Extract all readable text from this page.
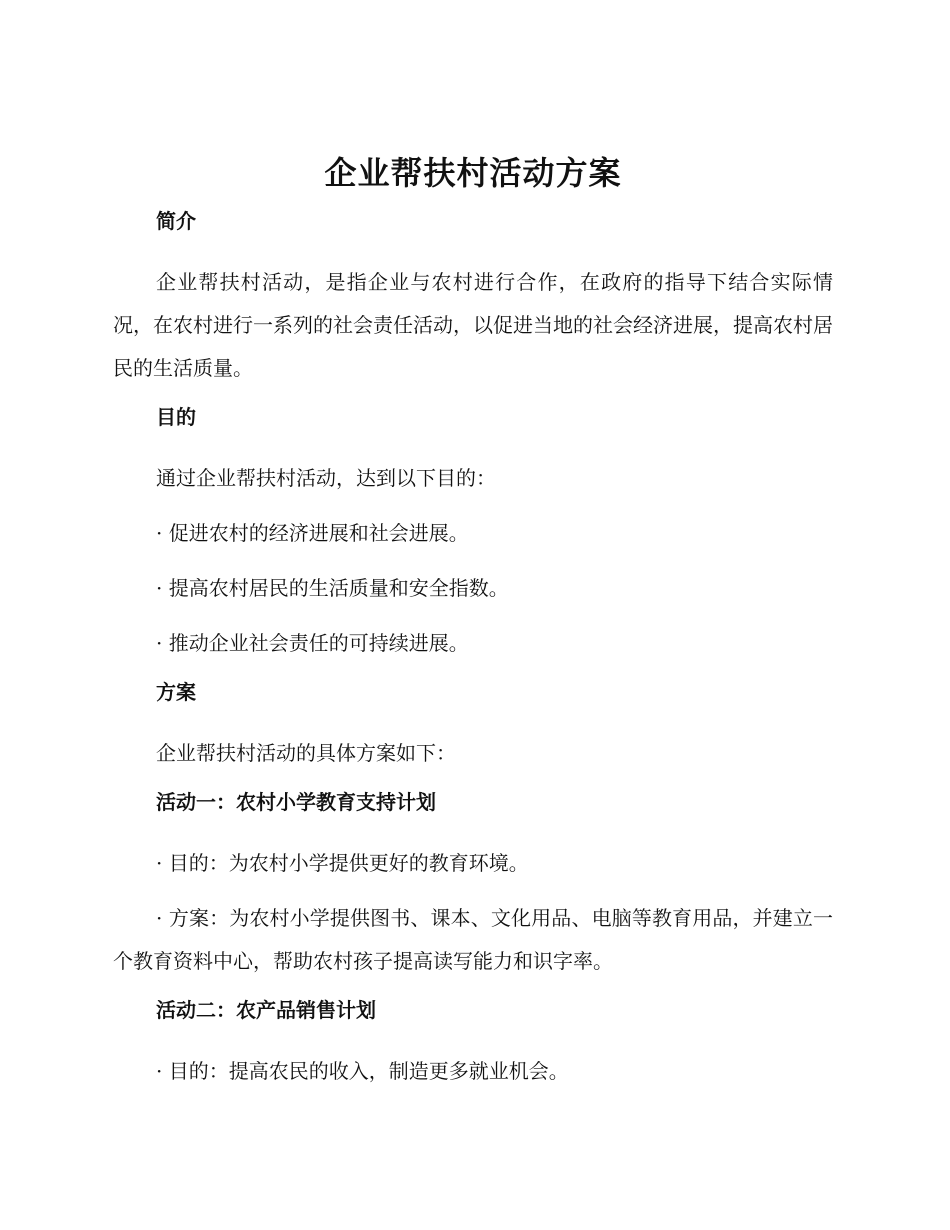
企业帮扶村活动方案
简介

企业帮扶村活动，是指企业与农村进行合作，在政府的指导下结合实际情况，在农村进行一系列的社会责任活动，以促进当地的社会经济进展，提高农村居民的生活质量。

目的

通过企业帮扶村活动，达到以下目的：

· 促进农村的经济进展和社会进展。

· 提高农村居民的生活质量和安全指数。

· 推动企业社会责任的可持续进展。

方案

企业帮扶村活动的具体方案如下：

活动一：农村小学教育支持计划

· 目的：为农村小学提供更好的教育环境。

· 方案：为农村小学提供图书、课本、文化用品、电脑等教育用品，并建立一个教育资料中心，帮助农村孩子提高读写能力和识字率。

活动二：农产品销售计划

· 目的：提高农民的收入，制造更多就业机会。
